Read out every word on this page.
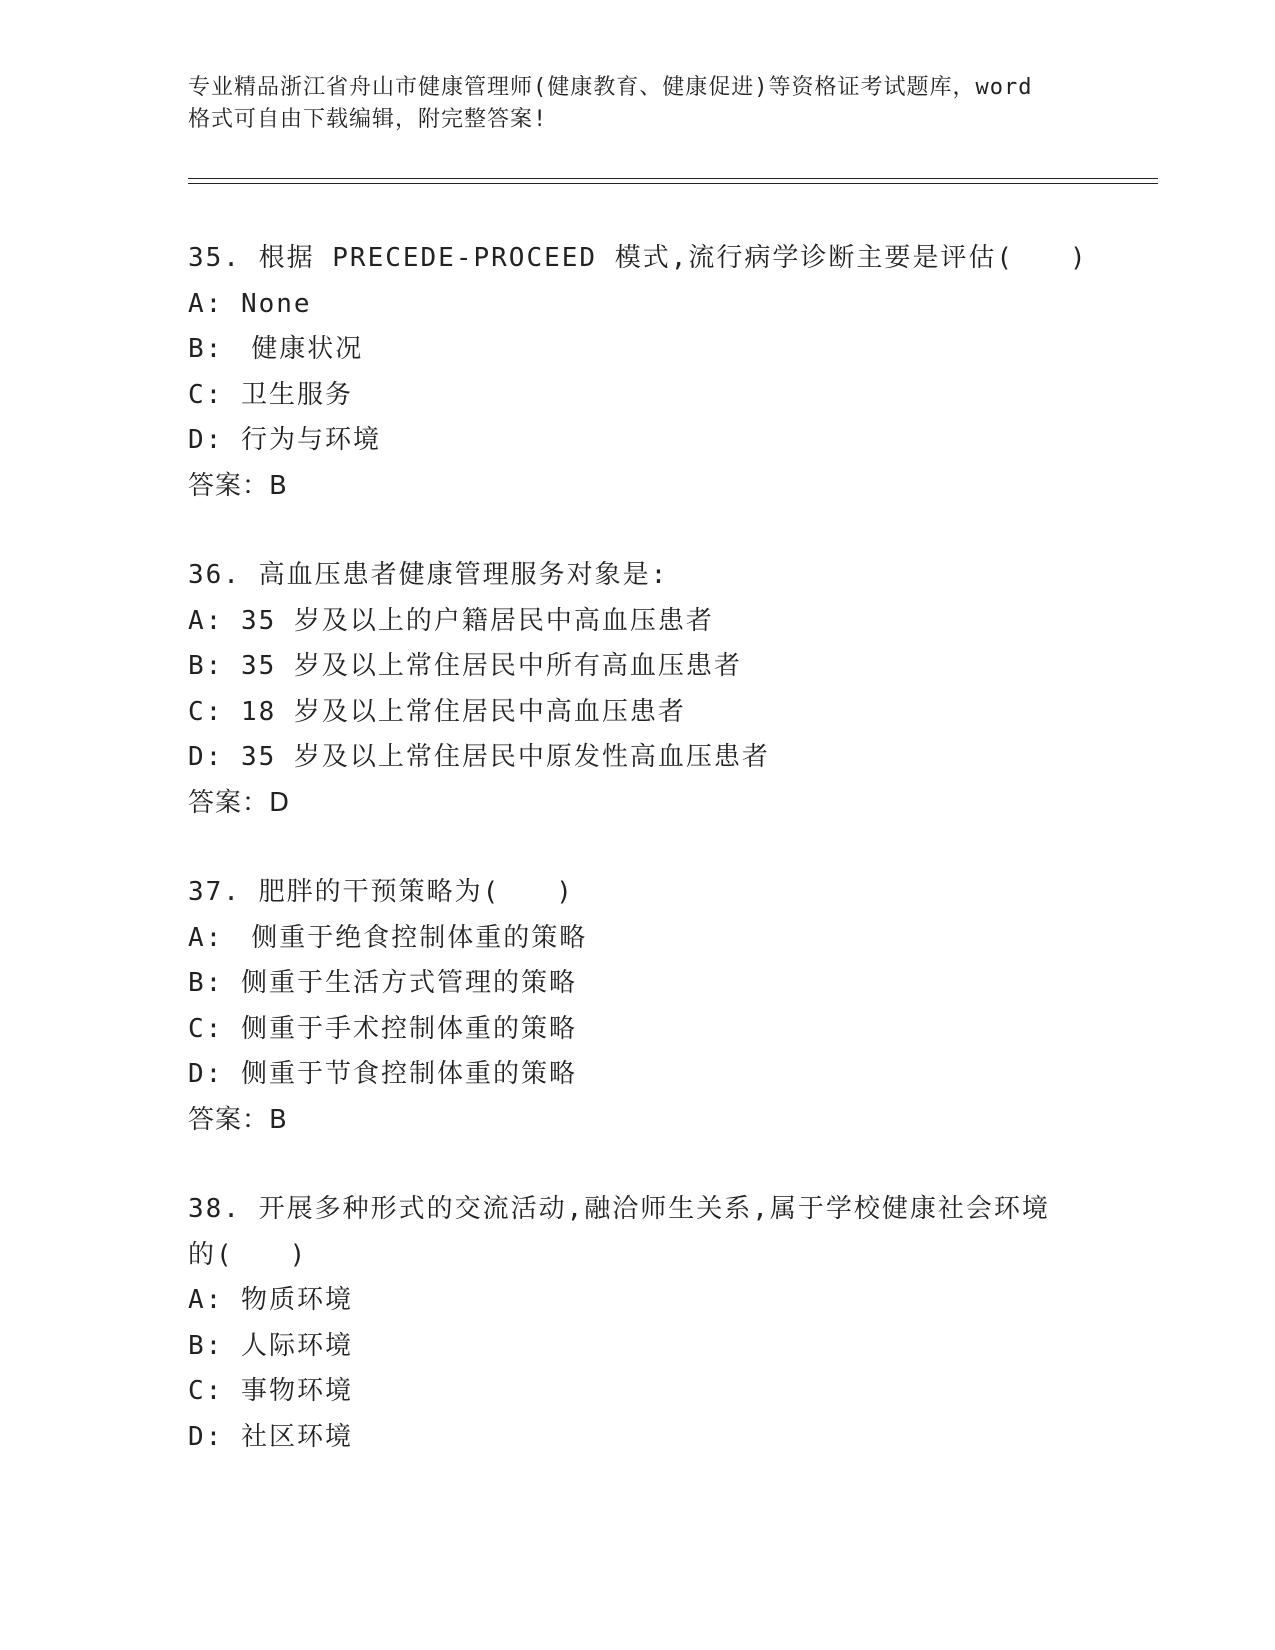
专业精品浙江省舟山市健康管理师(健康教育、健康促进)等资格证考试题库，word
格式可自由下载编辑，附完整答案!
35. 根据 PRECEDE-PROCEED 模式,流行病学诊断主要是评估(　　)
A: None
B:　健康状况
C: 卫生服务
D: 行为与环境
答案：B
36. 高血压患者健康管理服务对象是:
A: 35 岁及以上的户籍居民中高血压患者
B: 35 岁及以上常住居民中所有高血压患者
C: 18 岁及以上常住居民中高血压患者
D: 35 岁及以上常住居民中原发性高血压患者
答案：D
37. 肥胖的干预策略为(　　)
A:　侧重于绝食控制体重的策略
B: 侧重于生活方式管理的策略
C: 侧重于手术控制体重的策略
D: 侧重于节食控制体重的策略
答案：B
38. 开展多种形式的交流活动,融洽师生关系,属于学校健康社会环境
的(　　)
A: 物质环境
B: 人际环境
C: 事物环境
D: 社区环境
